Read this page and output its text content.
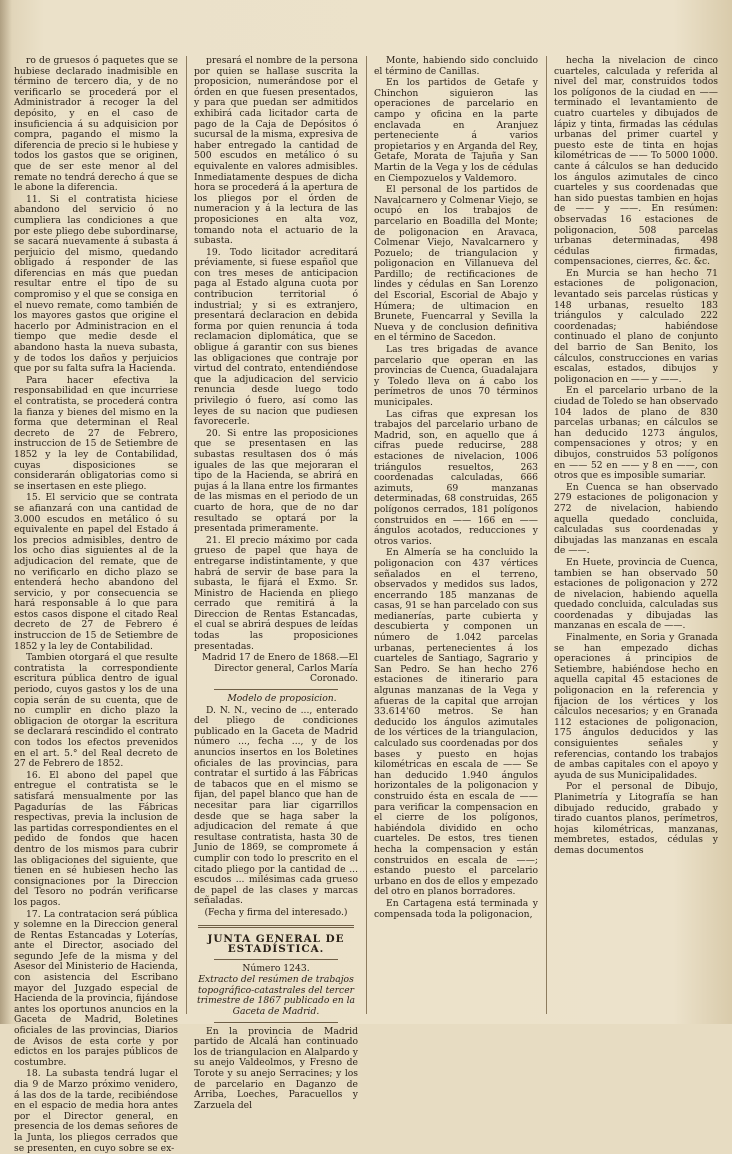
ro de gruesos ó paquetes que se hubiese declarado inadmisible en término de tercero dia, y de no verificarlo se procederá por el Administrador á recoger la del depósito, y en el caso de insuficiencia á su adquisicion por compra, pagando el mismo la diferencia de precio si le hubiese y todos los gastos que se originen, que de ser este menor al del remate no tendrá derecho á que se le abone la diferencia.

11. Si el contratista hiciese abandono del servicio ó no cumpliera las condiciones a que por este pliego debe subordinarse, se sacará nuevamente á subasta á perjuicio del mismo, quedando obligado á responder de las diferencias en más que puedan resultar entre el tipo de su compromiso y el que se consiga en el nuevo remate, como también de los mayores gastos que origine el hacerlo por Administracion en el tiempo que medie desde el abandono hasta la nueva subasta, y de todos los daños y perjuicios que por su falta sufra la Hacienda.

Para hacer efectiva la responsabilidad en que incurriese el contratista, se procederá contra la fianza y bienes del mismo en la forma que determinan el Real decreto de 27 de Febrero, instruccion de 15 de Setiembre de 1852 y la ley de Contabilidad, cuyas disposiciones se considerarán obligatorias como si se insertasen en este pliego.

15. El servicio que se contrata se afianzará con una cantidad de 3.000 escudos en metálico ó su equivalente en papel del Estado á los precios admisibles, dentro de los ocho dias siguientes al de la adjudicacion del remate, que de no verificarlo en dicho plazo se entenderá hecho abandono del servicio, y por consecuencia se hará responsable á lo que para estos casos dispone el citado Real decreto de 27 de Febrero é instruccion de 15 de Setiembre de 1852 y la ley de Contabilidad.

Tambien otorgará el que resulte contratista la correspondiente escritura pública dentro de igual periodo, cuyos gastos y los de una copia serán de su cuenta, que de no cumplir en dicho plazo la obligacion de otorgar la escritura se declarará rescindido el contrato con todos los efectos prevenidos en el art. 5.° del Real decreto de 27 de Febrero de 1852.

16. El abono del papel que entregue el contratista se le satisfará mensualmente por las Pagadurías de las Fábricas respectivas, previa la inclusion de las partidas correspondientes en el pedido de fondos que hacen dentro de los mismos para cubrir las obligaciones del siguiente, que tienen en sé hubiesen hecho las consignaciones por la Direccion del Tesoro no podrán verificarse los pagos.

17. La contratacion será pública y solemne en la Direccion general de Rentas Estancadas y Loterías, ante el Director, asociado del segundo Jefe de la misma y del Asesor del Ministerio de Hacienda, con asistencia del Escribano mayor del Juzgado especial de Hacienda de la provincia, fijándose antes los oportunos anuncios en la Gaceta de Madrid, Boletines oficiales de las provincias, Diarios de Avisos de esta corte y por edictos en los parajes públicos de costumbre.

18. La subasta tendrá lugar el dia 9 de Marzo próximo venidero, á las dos de la tarde, recibiéndose en el espacio de media hora antes por el Director general, en presencia de los demas señores de la Junta, los pliegos cerrados que se presenten, en cuyo sobre se ex-

presará el nombre de la persona por quien se hallase suscrita la proposicion, numerándose por el órden en que fuesen presentados, y para que puedan ser admitidos exhibirá cada licitador carta de pago de la Caja de Depósitos ó sucursal de la misma, expresiva de haber entregado la cantidad de 500 escudos en metálico ó su equivalente en valores admisibles. Inmediatamente despues de dicha hora se procederá á la apertura de los pliegos por el órden de numeracion y á la lectura de las proposiciones en alta voz, tomando nota el actuario de la subasta.

19. Todo licitador acreditará préviamente, si fuese español que con tres meses de anticipacion paga al Estado alguna cuota por contribucion territorial ó industrial; y si es extranjero, presentará declaracion en debida forma por quien renuncia á toda reclamacion diplomática, que se obligue á garantir con sus bienes las obligaciones que contraje por virtud del contrato, entendiéndose que la adjudicacion del servicio renuncia desde luego todo privilegio ó fuero, así como las leyes de su nacion que pudiesen favorecerle.

20. Si entre las proposiciones que se presentasen en las subastas resultasen dos ó más iguales de las que mejoraran el tipo de la Hacienda, se abrirá en pujas á la llana entre los firmantes de las mismas en el periodo de un cuarto de hora, que de no dar resultado se optará por la presentada primeramente.

21. El precio máximo por cada grueso de papel que haya de entregarse indistintamente, y que habrá de servir de base para la subasta, le fijará el Exmo. Sr. Ministro de Hacienda en pliego cerrado que remitirá á la Direccion de Rentas Estancadas, el cual se abrirá despues de leídas todas las proposiciones presentadas.

Madrid 17 de Enero de 1868.—El Director general, Carlos María Coronado.

Modelo de proposicion.

D. N. N., vecino de ..., enterado del pliego de condiciones publicado en la Gaceta de Madrid número ..., fecha ..., y de los anuncios insertos en los Boletines oficiales de las provincias, para contratar el surtido á las Fábricas de tabacos que en el mismo se fijan, del papel blanco que han de necesitar para liar cigarrillos desde que se haga saber la adjudicacion del remate á que resultase contratista, hasta 30 de Junio de 1869, se compromete á cumplir con todo lo prescrito en el citado pliego por la cantidad de ... escudos ... milésimas cada grueso de papel de las clases y marcas señaladas.

(Fecha y firma del interesado.)

JUNTA GENERAL DE ESTADÍSTICA.

Número 1243.

Extracto del resúmen de trabajos topográfico-catastrales del tercer trimestre de 1867 publicado en la Gaceta de Madrid.

En la provincia de Madrid partido de Alcalá han continuado los de triangulacion en Alalpardo y su anejo Valdeolmos, y Fresno de Torote y su anejo Serracines; y los de parcelario en Daganzo de Arriba, Loeches, Paracuellos y Zarzuela del

Monte, habiendo sido concluido el término de Canillas.

En los partidos de Getafe y Chinchon siguieron las operaciones de parcelario en campo y oficina en la parte enclavada en Aranjuez perteneciente á varios propietarios y en Arganda del Rey, Getafe, Morata de Tajuña y San Martin de la Vega y los de cédulas en Ciempozuelos y Valdemoro.

El personal de los partidos de Navalcarnero y Colmenar Viejo, se ocupó en los trabajos de parcelario en Boadilla del Monte; de poligonacion en Aravaca, Colmenar Viejo, Navalcarnero y Pozuelo; de triangulacion y poligonacion en Villanueva del Pardillo; de rectificaciones de lindes y cédulas en San Lorenzo del Escorial, Escorial de Abajo y Húmera; de ultimacion en Brunete, Fuencarral y Sevilla la Nueva y de conclusion definitiva en el término de Sacedon.

Las tres brigadas de avance parcelario que operan en las provincias de Cuenca, Guadalajara y Toledo lleva on á cabo los perímetros de unos 70 términos municipales.

Las cifras que expresan los trabajos del parcelario urbano de Madrid, son, en aquello que á cifras puede reducirse, 288 estaciones de nivelacion, 1006 triángulos resueltos, 263 coordenadas calculadas, 666 azimuts, 69 manzanas determinadas, 68 construidas, 265 polígonos cerrados, 181 polígonos construidos en —— 166 en —— ángulos acotados, reducciones y otros varios.

En Almería se ha concluido la poligonacion con 437 vértices señalados en el terreno, observados y medidos sus lados, encerrando 185 manzanas de casas, 91 se han parcelado con sus medianerías, parte cubierta y descubierta y componen un número de 1.042 parcelas urbanas, pertenecientes á los cuarteles de Santiago, Sagrario y San Pedro. Se han hecho 276 estaciones de itinerario para algunas manzanas de la Vega y afueras de la capital que arrojan 33.614'60 metros. Se han deducido los ángulos azimutales de los vértices de la triangulacion, calculado sus coordenadas por dos bases y puesto en hojas kilométricas en escala de —— Se han deducido 1.940 ángulos horizontales de la poligonacion y construido ésta en escala de —— para verificar la compensacion en el cierre de los polígonos, habiéndola dividido en ocho cuarteles. De estos, tres tienen hecha la compensacion y están construidos en escala de ——; estando puesto el parcelario urbano en dos de ellos y empezado del otro en planos borradores.

En Cartagena está terminada y compensada toda la poligonacion,

hecha la nivelacion de cinco cuarteles, calculada y referida al nivel del mar, construidos todos los polígonos de la ciudad en —— terminado el levantamiento de cuatro cuarteles y dibujados de lápiz y tinta, firmadas las cédulas urbanas del primer cuartel y puesto este de tinta en hojas kilométricas de —— To 5000 1000. cante á cálculos se han deducido los ángulos azimutales de cinco cuarteles y sus coordenadas que han sido puestas tambien en hojas de —— y ——. En resúmen: observadas 16 estaciones de poligonacion, 508 parcelas urbanas determinadas, 498 cédulas firmadas, compensaciones, cierres, &c. &c.

En Murcia se han hecho 71 estaciones de poligonacion, levantado seis parcelas rústicas y 148 urbanas, resuelto 183 triángulos y calculado 222 coordenadas; habiéndose continuado el plano de conjunto del barrio de San Benito, los cálculos, construcciones en varias escalas, estados, dibujos y poligonacion en —— y ——.

En el parcelario urbano de la ciudad de Toledo se han observado 104 lados de plano de 830 parcelas urbanas; en cálculos se han deducido 1273 ángulos, compensaciones y otros; y en dibujos, construidos 53 polígonos en —— 52 en —— y 8 en ——, con otros que es imposible sumariar.

En Cuenca se han observado 279 estaciones de poligonacion y 272 de nivelacion, habiendo aquella quedado concluida, calculadas sus coordenadas y dibujadas las manzanas en escala de ——.

En Huete, provincia de Cuenca, tambien se han observado 50 estaciones de poligonacion y 272 de nivelacion, habiendo aquella quedado concluida, calculadas sus coordenadas y dibujadas las manzanas en escala de ——.

Finalmente, en Soria y Granada se han empezado dichas operaciones á principios de Setiembre, habiéndose hecho en aquella capital 45 estaciones de poligonacion en la referencia y fijacion de los vértices y los cálculos necesarios; y en Granada 112 estaciones de poligonacion, 175 ángulos deducidos y las consiguientes señales y referencias, contando los trabajos de ambas capitales con el apoyo y ayuda de sus Municipalidades.

Por el personal de Dibujo, Planimetría y Litografía se han dibujado reducido, grabado y tirado cuantos planos, perímetros, hojas kilométricas, manzanas, membretes, estados, cédulas y demas documentos
